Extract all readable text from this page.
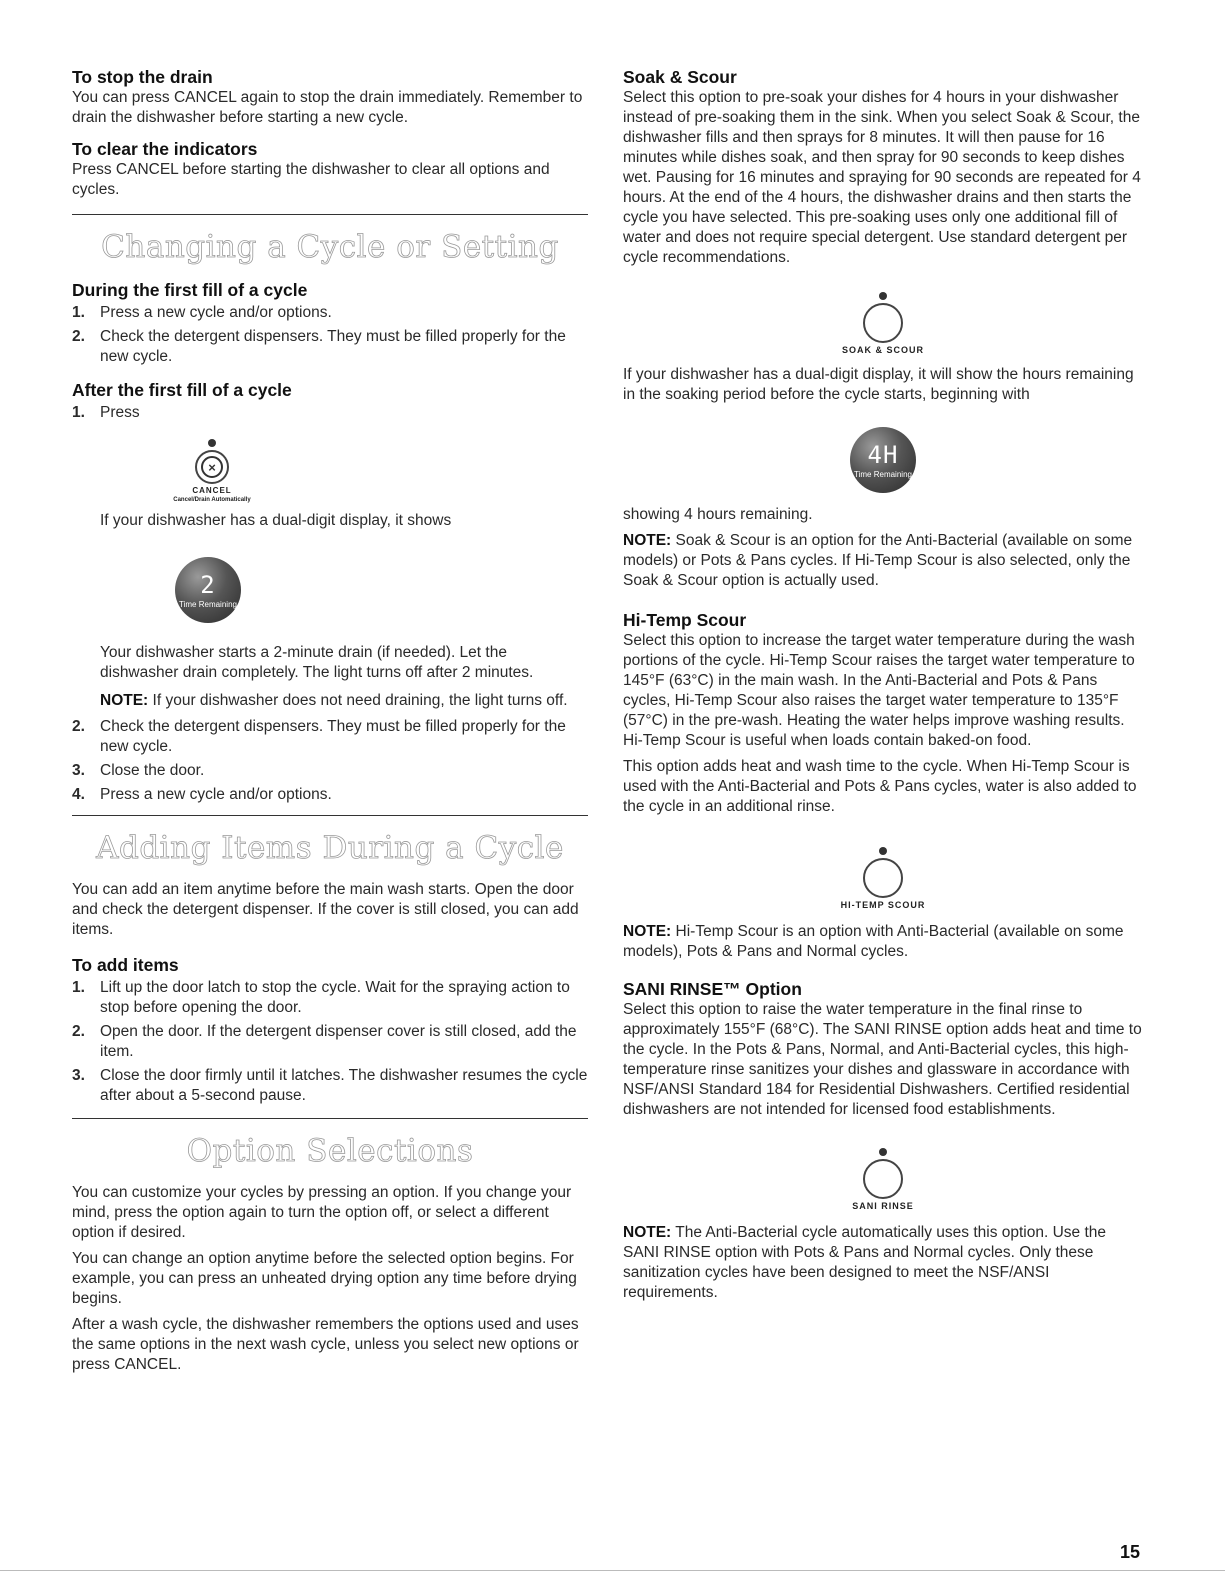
To stop the drain

You can press CANCEL again to stop the drain immediately. Remember to drain the dishwasher before starting a new cycle.

To clear the indicators

Press CANCEL before starting the dishwasher to clear all options and cycles.

Changing a Cycle or Setting
During the first fill of a cycle
1. Press a new cycle and/or options.
2. Check the detergent dispensers. They must be filled properly for the new cycle.
After the first fill of a cycle
1. Press
×
CANCEL
Cancel/Drain Automatically

If your dishwasher has a dual-digit display, it shows

2
Time Remaining

Your dishwasher starts a 2-minute drain (if needed). Let the dishwasher drain completely. The light turns off after 2 minutes.

NOTE: If your dishwasher does not need draining, the light turns off.

2. Check the detergent dispensers. They must be filled properly for the new cycle.
3. Close the door.
4. Press a new cycle and/or options.
Adding Items During a Cycle

You can add an item anytime before the main wash starts. Open the door and check the detergent dispenser. If the cover is still closed, you can add items.

To add items
1. Lift up the door latch to stop the cycle. Wait for the spraying action to stop before opening the door.
2. Open the door. If the detergent dispenser cover is still closed, add the item.
3. Close the door firmly until it latches. The dishwasher resumes the cycle after about a 5-second pause.
Option Selections

You can customize your cycles by pressing an option. If you change your mind, press the option again to turn the option off, or select a different option if desired.

You can change an option anytime before the selected option begins. For example, you can press an unheated drying option any time before drying begins.

After a wash cycle, the dishwasher remembers the options used and uses the same options in the next wash cycle, unless you select new options or press CANCEL.

Soak & Scour

Select this option to pre-soak your dishes for 4 hours in your dishwasher instead of pre-soaking them in the sink. When you select Soak & Scour, the dishwasher fills and then sprays for 8 minutes. It will then pause for 16 minutes while dishes soak, and then spray for 90 seconds to keep dishes wet. Pausing for 16 minutes and spraying for 90 seconds are repeated for 4 hours. At the end of the 4 hours, the dishwasher drains and then starts the cycle you have selected. This pre-soaking uses only one additional fill of water and does not require special detergent. Use standard detergent per cycle recommendations.

SOAK & SCOUR

If your dishwasher has a dual-digit display, it will show the hours remaining in the soaking period before the cycle starts, beginning with

4H
Time Remaining

showing 4 hours remaining.

NOTE: Soak & Scour is an option for the Anti-Bacterial (available on some models) or Pots & Pans cycles. If Hi-Temp Scour is also selected, only the Soak & Scour option is actually used.

Hi-Temp Scour

Select this option to increase the target water temperature during the wash portions of the cycle. Hi-Temp Scour raises the target water temperature to 145°F (63°C) in the main wash. In the Anti-Bacterial and Pots & Pans cycles, Hi-Temp Scour also raises the target water temperature to 135°F (57°C) in the pre-wash. Heating the water helps improve washing results. Hi-Temp Scour is useful when loads contain baked-on food.

This option adds heat and wash time to the cycle. When Hi-Temp Scour is used with the Anti-Bacterial and Pots & Pans cycles, water is also added to the cycle in an additional rinse.

HI-TEMP SCOUR

NOTE: Hi-Temp Scour is an option with Anti-Bacterial (available on some models), Pots & Pans and Normal cycles.

SANI RINSE™ Option

Select this option to raise the water temperature in the final rinse to approximately 155°F (68°C). The SANI RINSE option adds heat and time to the cycle. In the Pots & Pans, Normal, and Anti-Bacterial cycles, this high-temperature rinse sanitizes your dishes and glassware in accordance with NSF/ANSI Standard 184 for Residential Dishwashers. Certified residential dishwashers are not intended for licensed food establishments.

SANI RINSE

NOTE: The Anti-Bacterial cycle automatically uses this option. Use the SANI RINSE option with Pots & Pans and Normal cycles. Only these sanitization cycles have been designed to meet the NSF/ANSI requirements.

15
